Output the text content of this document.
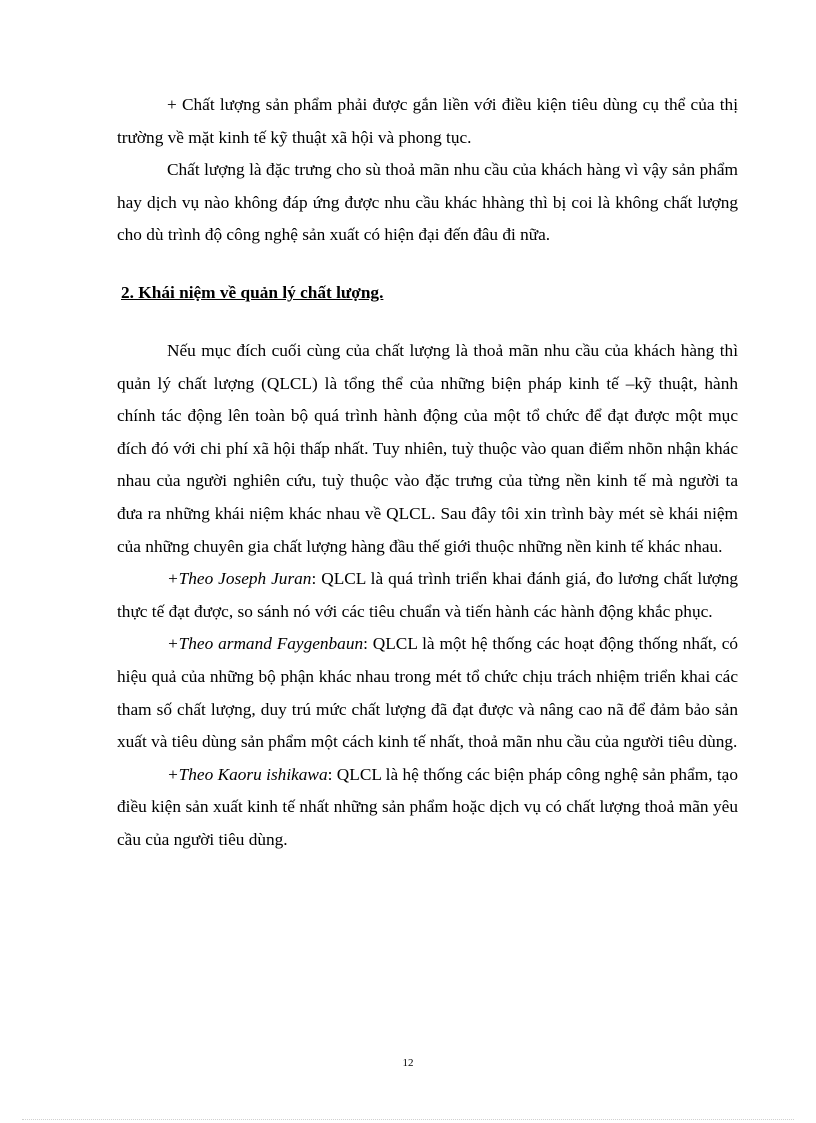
+ Chất lượng sản phẩm phải được gắn liền với điều kiện tiêu dùng cụ thể của thị trường về mặt kinh tế kỹ thuật xã hội và phong tục.

Chất lượng là đặc trưng cho sù thoả mãn nhu cầu của khách hàng vì vậy sản phẩm hay dịch vụ nào không đáp ứng được nhu cầu khác hhàng thì bị coi là không chất lượng cho dù trình độ công nghệ sản xuất có hiện đại đến đâu đi nữa.

2. Khái niệm về quản lý chất lượng.

Nếu mục đích cuối cùng của chất lượng là thoả mãn nhu cầu của khách hàng thì quản lý chất lượng (QLCL) là tổng thể của những biện pháp kinh tế –kỹ thuật, hành chính tác động lên toàn bộ quá trình hành động của một tổ chức để đạt được một mục đích đó với chi phí xã hội thấp nhất. Tuy nhiên, tuỳ thuộc vào quan điểm nhõn nhận khác nhau của người nghiên cứu, tuỳ thuộc vào đặc trưng của từng nền kinh tế mà người ta đưa ra những khái niệm khác nhau về QLCL. Sau đây tôi xin trình bày mét sè khái niệm của những chuyên gia chất lượng hàng đầu thế giới thuộc những nền kinh tế khác nhau.

+Theo Joseph Juran: QLCL là quá trình triển khai đánh giá, đo lương chất lượng thực tế đạt được, so sánh nó với các tiêu chuẩn và tiến hành các hành động khắc phục.

+Theo armand Faygenbaun: QLCL là một hệ thống các hoạt động thống nhất, có hiệu quả của những bộ phận khác nhau trong mét tổ chức chịu trách nhiệm triển khai các tham số chất lượng, duy trú mức chất lượng đã đạt được và nâng cao nã để đảm bảo sản xuất và tiêu dùng sản phẩm một cách kinh tế nhất, thoả mãn nhu cầu của người tiêu dùng.

+Theo Kaoru ishikawa: QLCL là hệ thống các biện pháp công nghệ sản phẩm, tạo điều kiện sản xuất kinh tế nhất những sản phẩm hoặc dịch vụ có chất lượng thoả mãn yêu cầu của người tiêu dùng.

12
